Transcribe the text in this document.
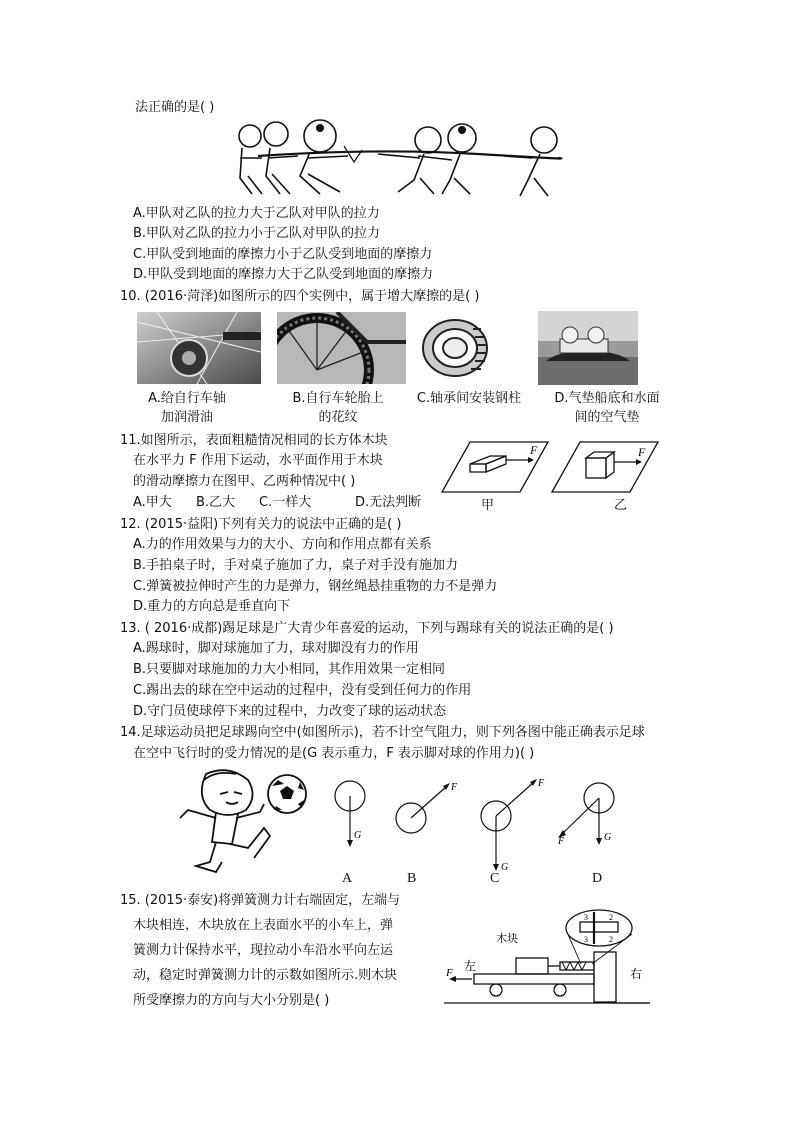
法正确的是( )
A.甲队对乙队的拉力大于乙队对甲队的拉力
B.甲队对乙队的拉力小于乙队对甲队的拉力
C.甲队受到地面的摩擦力小于乙队受到地面的摩擦力
D.甲队受到地面的摩擦力大于乙队受到地面的摩擦力
10. (2016·菏泽)如图所示的四个实例中，属于增大摩擦的是( )
A.给自行车轴
加润滑油
B.自行车轮胎上
的花纹
C.轴承间安装钢柱	D.气垫船底和水面
间的空气垫
11.如图所示，表面粗糙情况相同的长方体木块
在水平力 F 作用下运动，水平面作用于木块
的滑动摩擦力在图甲、乙两种情况中( )
A.甲大 B.乙大 C.一样大	D.无法判断
F	F
甲	乙
12. (2015·益阳)下列有关力的说法中正确的是( )
A.力的作用效果与力的大小、方向和作用点都有关系
B.手拍桌子时，手对桌子施加了力，桌子对手没有施加力
C.弹簧被拉伸时产生的力是弹力，钢丝绳悬挂重物的力不是弹力
D.重力的方向总是垂直向下
13. ( 2016·成都)踢足球是广大青少年喜爱的运动，下列与踢球有关的说法正确的是( )
A.踢球时，脚对球施加了力，球对脚没有力的作用
B.只要脚对球施加的力大小相同，其作用效果一定相同
C.踢出去的球在空中运动的过程中，没有受到任何力的作用
D.守门员使球停下来的过程中，力改变了球的运动状态
14.足球运动员把足球踢向空中(如图所示)，若不计空气阻力，则下列各图中能正确表示足球
在空中飞行时的受力情况的是(G 表示重力，F 表示脚对球的作用力)( )
G
F	F
G
G
F
A	B	C	D
15. (2015·泰安)将弹簧测力计右端固定，左端与
木块相连，木块放在上表面水平的小车上，弹
簧测力计保持水平，现拉动小车沿水平向左运
动，稳定时弹簧测力计的示数如图所示.则木块
所受摩擦力的方向与大小分别是( )
3	2
3	2
木块
左
右
F
